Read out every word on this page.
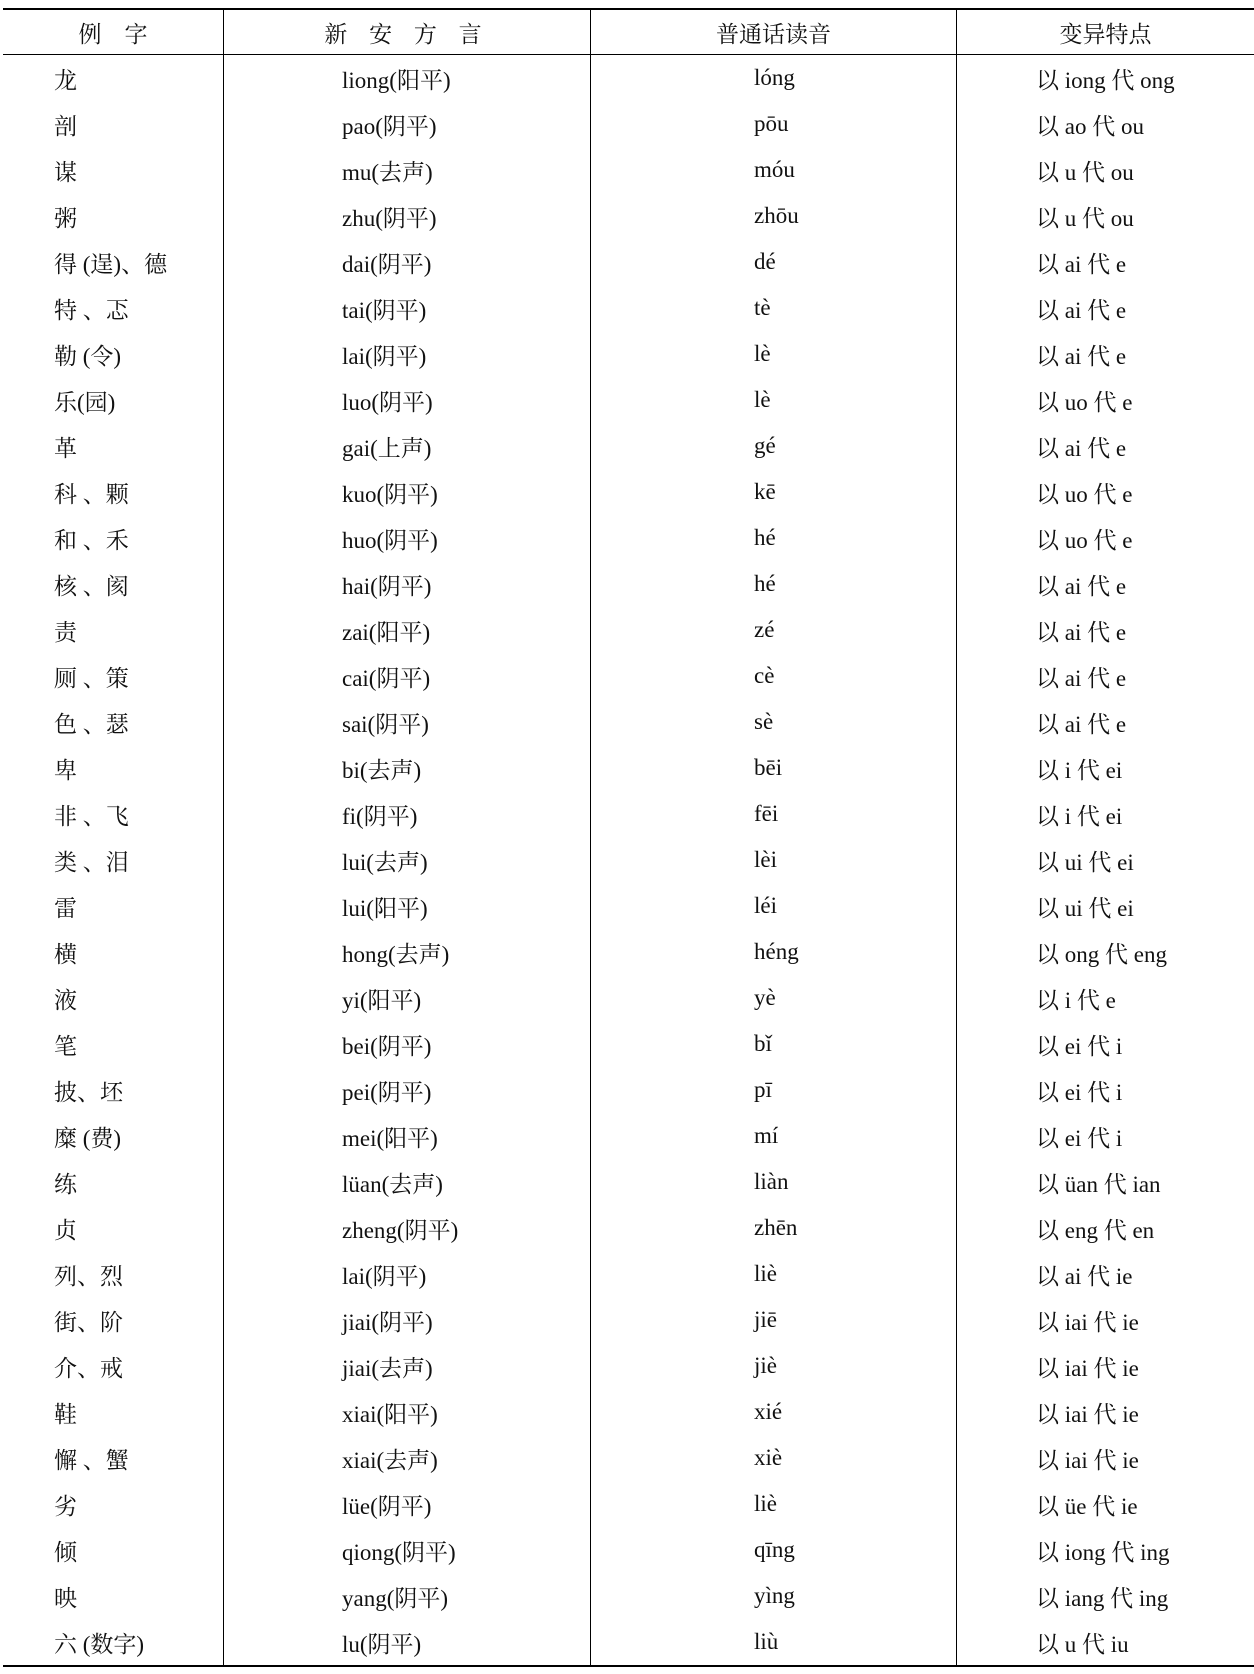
例　字	新 安 方 言	普通话读音	变异特点
龙	liong(阳平)	lóng	以 iong 代 ong
剖	pao(阴平)	pōu	以 ao 代 ou
谋	mu(去声)	móu	以 u 代 ou
粥	zhu(阴平)	zhōu	以 u 代 ou
得 (逞)、德	dai(阴平)	dé	以 ai 代 e
特 、忑	tai(阴平)	tè	以 ai 代 e
勒 (令)	lai(阴平)	lè	以 ai 代 e
乐(园)	luo(阴平)	lè	以 uo 代 e
革	gai(上声)	gé	以 ai 代 e
科 、颗	kuo(阴平)	kē	以 uo 代 e
和 、禾	huo(阴平)	hé	以 uo 代 e
核 、阂	hai(阴平)	hé	以 ai 代 e
责	zai(阳平)	zé	以 ai 代 e
厕 、策	cai(阴平)	cè	以 ai 代 e
色 、瑟	sai(阴平)	sè	以 ai 代 e
卑	bi(去声)	bēi	以 i 代 ei
非 、飞	fi(阴平)	fēi	以 i 代 ei
类 、泪	lui(去声)	lèi	以 ui 代 ei
雷	lui(阳平)	léi	以 ui 代 ei
横	hong(去声)	héng	以 ong 代 eng
液	yi(阳平)	yè	以 i 代 e
笔	bei(阴平)	bǐ	以 ei 代 i
披、坯	pei(阴平)	pī	以 ei 代 i
糜 (费)	mei(阳平)	mí	以 ei 代 i
练	lüan(去声)	liàn	以 üan 代 ian
贞	zheng(阴平)	zhēn	以 eng 代 en
列、烈	lai(阴平)	liè	以 ai 代 ie
街、阶	jiai(阴平)	jiē	以 iai 代 ie
介、戒	jiai(去声)	jiè	以 iai 代 ie
鞋	xiai(阳平)	xié	以 iai 代 ie
懈 、蟹	xiai(去声)	xiè	以 iai 代 ie
劣	lüe(阴平)	liè	以 üe 代 ie
倾	qiong(阴平)	qīng	以 iong 代 ing
映	yang(阴平)	yìng	以 iang 代 ing
六 (数字)	lu(阴平)	liù	以 u 代 iu
